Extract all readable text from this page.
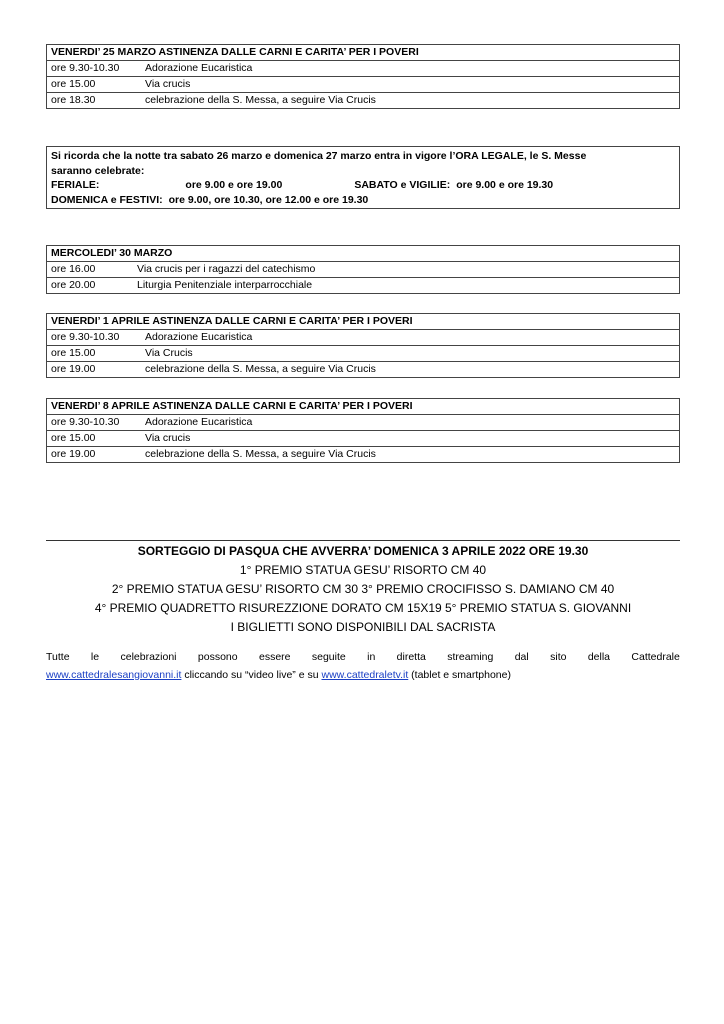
VENERDI’ 25 MARZO ASTINENZA DALLE CARNI E CARITA’ PER I POVERI	
ore 9.30-10.30	Adorazione Eucaristica
ore 15.00	Via crucis
ore 18.30	celebrazione della S. Messa, a seguire Via Crucis
Si ricorda che la notte tra sabato 26 marzo e domenica 27 marzo entra in vigore l’ORA LEGALE, le S. Messe
saranno celebrate:
FERIALE:	ore 9.00 e ore 19.00	SABATO e VIGILIE: ore 9.00 e ore 19.30
DOMENICA e FESTIVI: ore 9.00, ore 10.30, ore 12.00 e ore 19.30
MERCOLEDI’ 30 MARZO	
ore 16.00	Via crucis per i ragazzi del catechismo
ore 20.00	Liturgia Penitenziale interparrocchiale
VENERDI’ 1 APRILE ASTINENZA DALLE CARNI E CARITA’ PER I POVERI	
ore 9.30-10.30	Adorazione Eucaristica
ore 15.00	Via Crucis
ore 19.00	celebrazione della S. Messa, a seguire Via Crucis
VENERDI’ 8 APRILE ASTINENZA DALLE CARNI E CARITA’ PER I POVERI	
ore 9.30-10.30	Adorazione Eucaristica
ore 15.00	Via crucis
ore 19.00	celebrazione della S. Messa, a seguire Via Crucis
SORTEGGIO DI PASQUA CHE AVVERRA’ DOMENICA 3 APRILE 2022 ORE 19.30
1° PREMIO STATUA GESU’ RISORTO CM 40
2° PREMIO STATUA GESU’ RISORTO CM 30 3° PREMIO CROCIFISSO S. DAMIANO CM 40
4° PREMIO QUADRETTO RISUREZZIONE DORATO CM 15X19 5° PREMIO STATUA S. GIOVANNI
I BIGLIETTI SONO DISPONIBILI DAL SACRISTA
Tutte le celebrazioni possono essere seguite in diretta streaming dal sito della Cattedrale
www.cattedralesangiovanni.it cliccando su “video live” e su www.cattedraletv.it (tablet e smartphone)
